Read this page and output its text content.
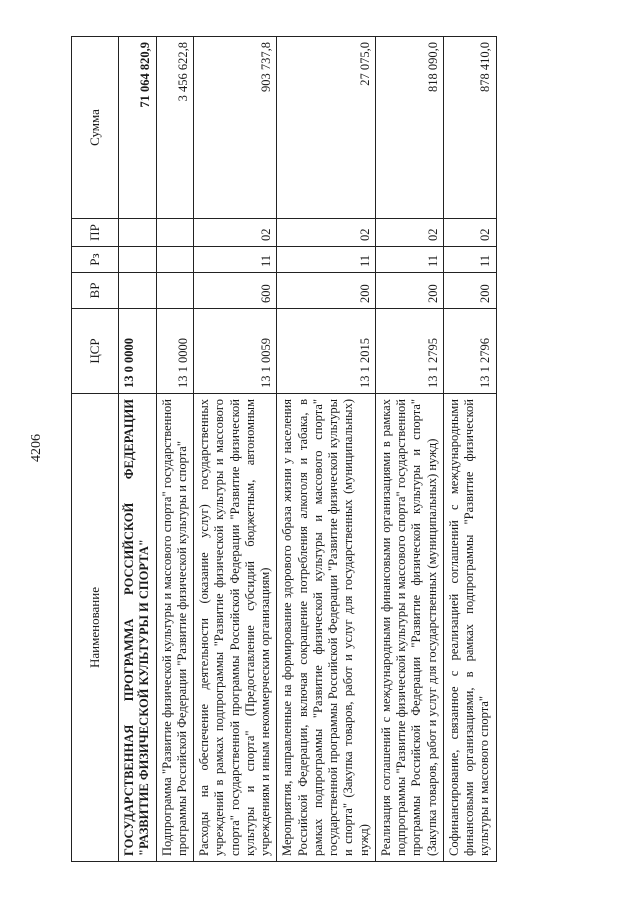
4206
Наименование	ЦСР	ВР	Рз	ПР	Сумма
ГОСУДАРСТВЕННАЯ ПРОГРАММА РОССИЙСКОЙ ФЕДЕРАЦИИ "РАЗВИТИЕ ФИЗИЧЕСКОЙ КУЛЬТУРЫ И СПОРТА"	13 0 0000				71 064 820,9
Подпрограмма "Развитие физической культуры и массового спорта" государственной программы Российской Федерации "Развитие физической культуры и спорта"	13 1 0000				3 456 622,8
Расходы на обеспечение деятельности (оказание услуг) государственных учреждений в рамках подпрограммы "Развитие физической культуры и массового спорта" государственной программы Российской Федерации "Развитие физической культуры и спорта" (Предоставление субсидий бюджетным, автономным учреждениям и иным некоммерческим организациям)	13 1 0059	600	11	02	903 737,8
Мероприятия, направленные на формирование здорового образа жизни у населения Российской Федерации, включая сокращение потребления алкоголя и табака, в рамках подпрограммы "Развитие физической культуры и массового спорта" государственной программы Российской Федерации "Развитие физической культуры и спорта" (Закупка товаров, работ и услуг для государственных (муниципальных) нужд)	13 1 2015	200	11	02	27 075,0
Реализация соглашений с международными финансовыми организациями в рамках подпрограммы "Развитие физической культуры и массового спорта" государственной программы Российской Федерации "Развитие физической культуры и спорта" (Закупка товаров, работ и услуг для государственных (муниципальных) нужд)	13 1 2795	200	11	02	818 090,0
Софинансирование, связанное с реализацией соглашений с международными финансовыми организациями, в рамках подпрограммы "Развитие физической культуры и массового спорта"	13 1 2796	200	11	02	878 410,0
